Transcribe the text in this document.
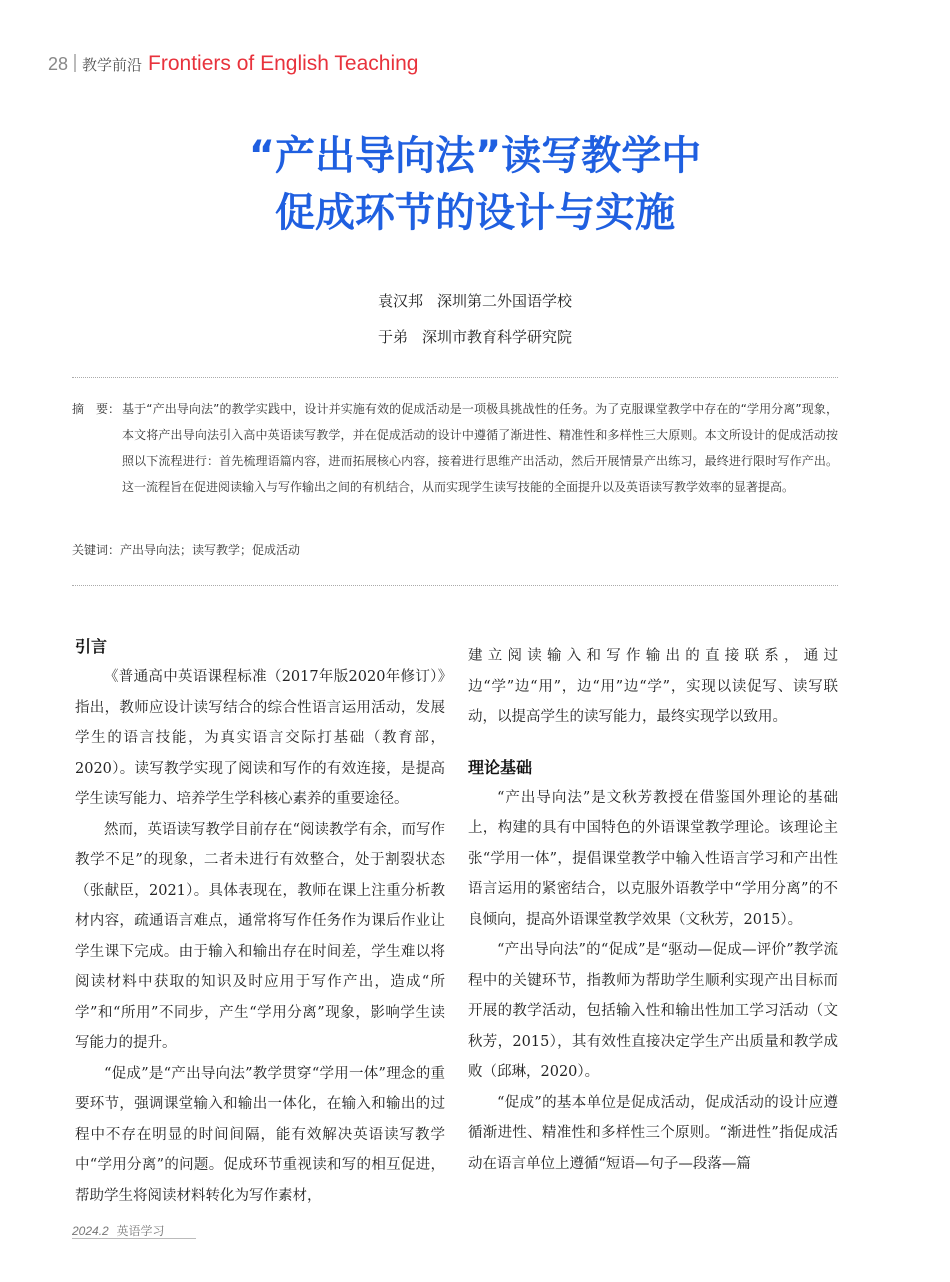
28 教学前沿 Frontiers of English Teaching
“产出导向法”读写教学中
促成环节的设计与实施
袁汉邦 深圳第二外国语学校
于弟 深圳市教育科学研究院
摘　要： 基于“产出导向法”的教学实践中，设计并实施有效的促成活动是一项极具挑战性的任务。为了克服课堂教学中存在的“学用分离”现象，本文将产出导向法引入高中英语读写教学，并在促成活动的设计中遵循了渐进性、精准性和多样性三大原则。本文所设计的促成活动按照以下流程进行：首先梳理语篇内容，进而拓展核心内容，接着进行思维产出活动，然后开展情景产出练习，最终进行限时写作产出。这一流程旨在促进阅读输入与写作输出之间的有机结合，从而实现学生读写技能的全面提升以及英语读写教学效率的显著提高。
关键词：产出导向法；读写教学；促成活动
引言

《普通高中英语课程标准（2017年版2020年修订）》指出，教师应设计读写结合的综合性语言运用活动，发展学生的语言技能，为真实语言交际打基础（教育部，2020）。读写教学实现了阅读和写作的有效连接，是提高学生读写能力、培养学生学科核心素养的重要途径。

然而，英语读写教学目前存在“阅读教学有余，而写作教学不足”的现象，二者未进行有效整合，处于割裂状态（张献臣，2021）。具体表现在，教师在课上注重分析教材内容，疏通语言难点，通常将写作任务作为课后作业让学生课下完成。由于输入和输出存在时间差，学生难以将阅读材料中获取的知识及时应用于写作产出，造成“所学”和“所用”不同步，产生“学用分离”现象，影响学生读写能力的提升。

“促成”是“产出导向法”教学贯穿“学用一体”理念的重要环节，强调课堂输入和输出一体化，在输入和输出的过程中不存在明显的时间间隔，能有效解决英语读写教学中“学用分离”的问题。促成环节重视读和写的相互促进，帮助学生将阅读材料转化为写作素材，

建立阅读输入和写作输出的直接联系，通过边“学”边“用”，边“用”边“学”，实现以读促写、读写联动，以提高学生的读写能力，最终实现学以致用。

理论基础

“产出导向法”是文秋芳教授在借鉴国外理论的基础上，构建的具有中国特色的外语课堂教学理论。该理论主张“学用一体”，提倡课堂教学中输入性语言学习和产出性语言运用的紧密结合，以克服外语教学中“学用分离”的不良倾向，提高外语课堂教学效果（文秋芳，2015）。

“产出导向法”的“促成”是“驱动—促成—评价”教学流程中的关键环节，指教师为帮助学生顺利实现产出目标而开展的教学活动，包括输入性和输出性加工学习活动（文秋芳，2015），其有效性直接决定学生产出质量和教学成败（邱琳，2020）。

“促成”的基本单位是促成活动，促成活动的设计应遵循渐进性、精准性和多样性三个原则。“渐进性”指促成活动在语言单位上遵循“短语—句子—段落—篇

2024.2 英语学习
